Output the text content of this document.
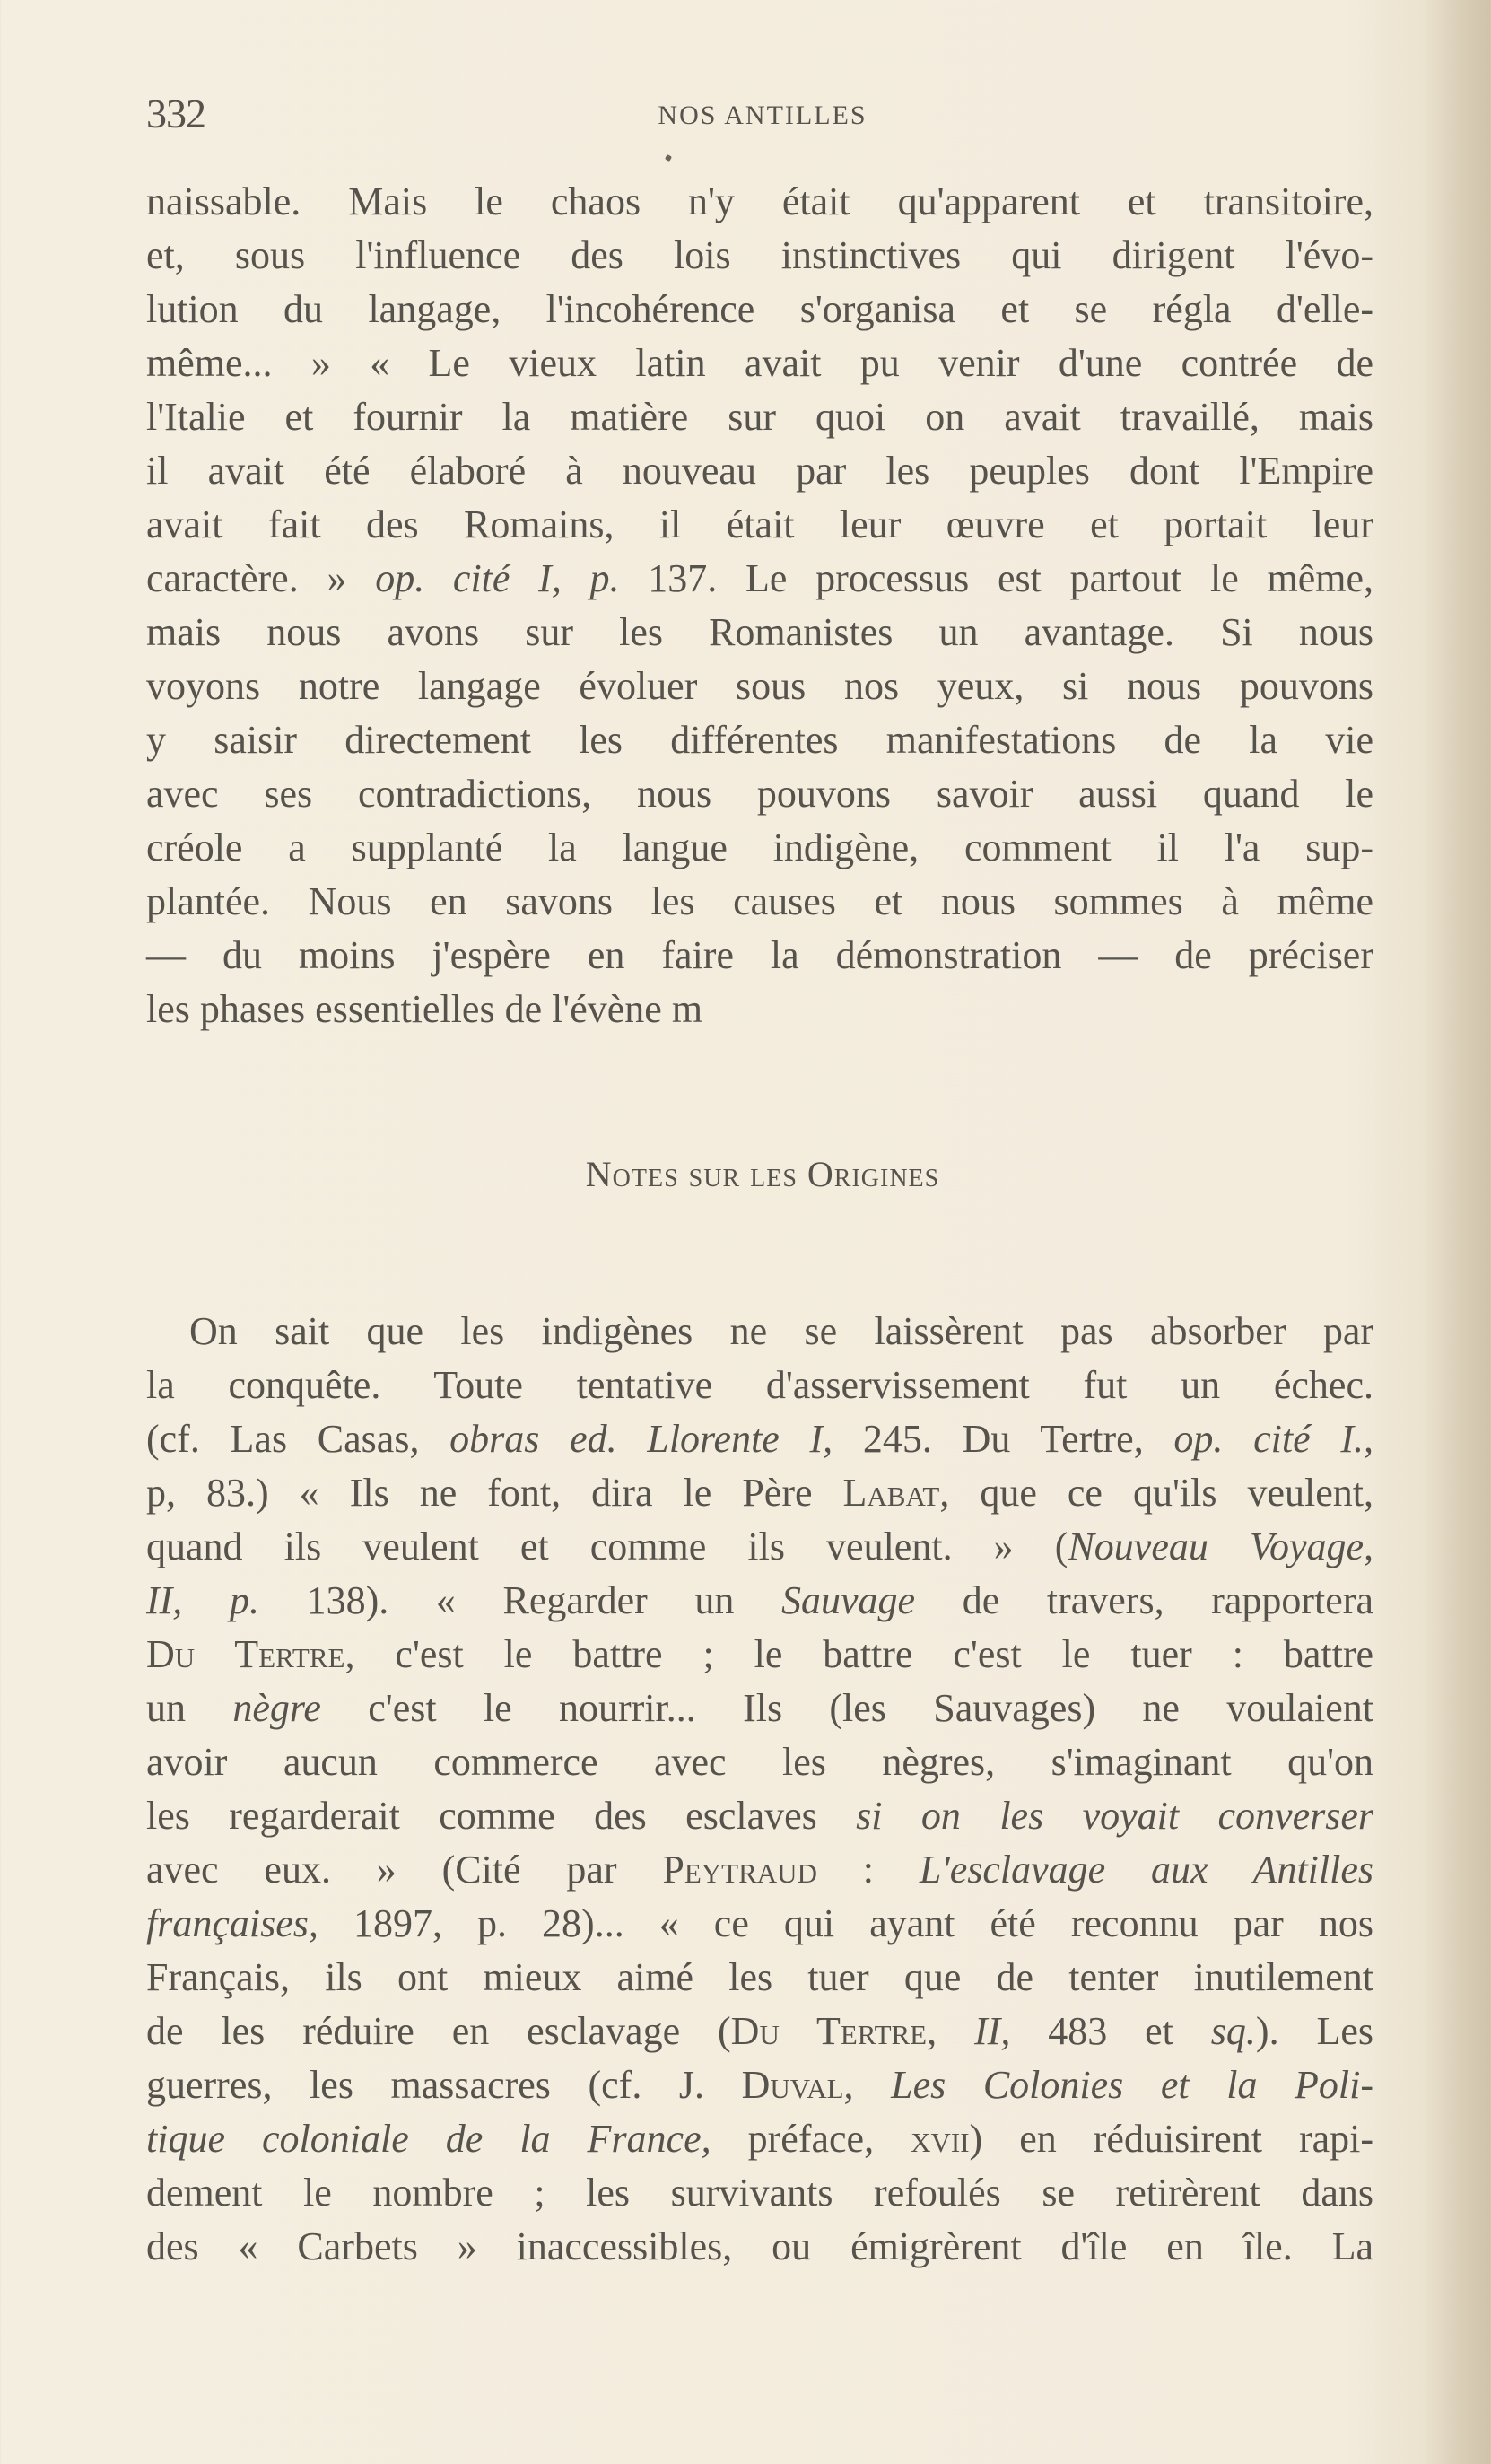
332	NOS ANTILLES
naissable. Mais le chaos n'y était qu'apparent et transitoire,
et, sous l'influence des lois instinctives qui dirigent l'évo-
lution du langage, l'incohérence s'organisa et se régla d'elle-
même... » « Le vieux latin avait pu venir d'une contrée de
l'Italie et fournir la matière sur quoi on avait travaillé, mais
il avait été élaboré à nouveau par les peuples dont l'Empire
avait fait des Romains, il était leur œuvre et portait leur
caractère. » op. cité I, p. 137. Le processus est partout le même,
mais nous avons sur les Romanistes un avantage. Si nous
voyons notre langage évoluer sous nos yeux, si nous pouvons
y saisir directement les différentes manifestations de la vie
avec ses contradictions, nous pouvons savoir aussi quand le
créole a supplanté la langue indigène, comment il l'a sup-
plantée. Nous en savons les causes et nous sommes à même
— du moins j'espère en faire la démonstration — de préciser
les phases essentielles de l'évène m
Notes sur les Origines
On sait que les indigènes ne se laissèrent pas absorber par
la conquête. Toute tentative d'asservissement fut un échec.
(cf. Las Casas, obras ed. Llorente I, 245. Du Tertre, op. cité I.,
p, 83.) « Ils ne font, dira le Père Labat, que ce qu'ils veulent,
quand ils veulent et comme ils veulent. » (Nouveau Voyage,
II, p. 138). « Regarder un Sauvage de travers, rapportera
Du Tertre, c'est le battre ; le battre c'est le tuer : battre
un nègre c'est le nourrir... Ils (les Sauvages) ne voulaient
avoir aucun commerce avec les nègres, s'imaginant qu'on
les regarderait comme des esclaves si on les voyait converser
avec eux. » (Cité par Peytraud : L'esclavage aux Antilles
françaises, 1897, p. 28)... « ce qui ayant été reconnu par nos
Français, ils ont mieux aimé les tuer que de tenter inutilement
de les réduire en esclavage (Du Tertre, II, 483 et sq.). Les
guerres, les massacres (cf. J. Duval, Les Colonies et la Poli-
tique coloniale de la France, préface, xvii) en réduisirent rapi-
dement le nombre ; les survivants refoulés se retirèrent dans
des « Carbets » inaccessibles, ou émigrèrent d'île en île. La
